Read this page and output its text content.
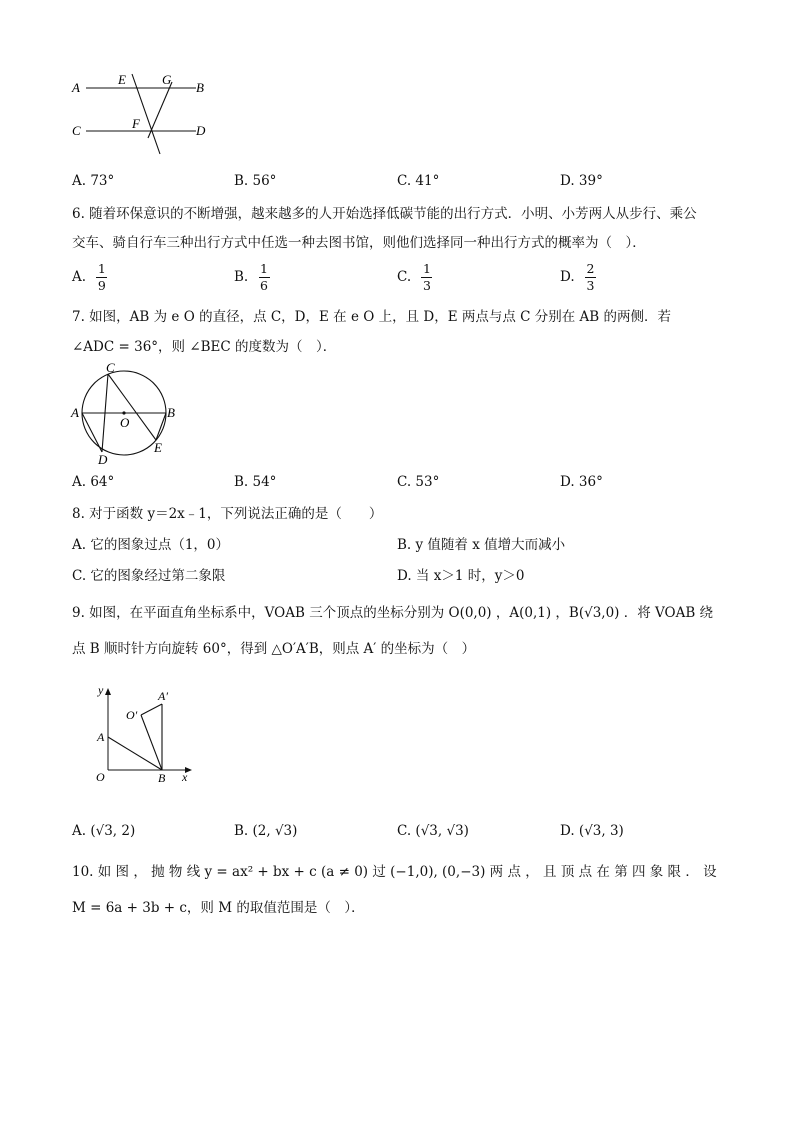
A
E	G
B
C	F	D
A. 73°	B. 56°	C. 41°	D. 39°
6. 随着环保意识的不断增强，越来越多的人开始选择低碳节能的出行方式．小明、小芳两人从步行、乘公
交车、骑自行车三种出行方式中任选一种去图书馆，则他们选择同一种出行方式的概率为（　）．
A. $\frac{1}{9}$	B. $\frac{1}{6}$	C. $\frac{1}{3}$	D. $\frac{2}{3}$
7. 如图，AB 为 e O 的直径，点 C，D，E 在 e O 上，且 D，E 两点与点 C 分别在 AB 的两侧．若
∠ADC = 36°，则 ∠BEC 的度数为（　）．
C
A
O
B
D
E
A. 64°	B. 54°	C. 53°	D. 36°
8. 对于函数 y＝2x﹣1，下列说法正确的是（　　）
A. 它的图象过点（1，0）	B. y 值随着 x 值增大而减小
C. 它的图象经过第二象限	D. 当 x＞1 时，y＞0
9. 如图，在平面直角坐标系中，VOAB 三个顶点的坐标分别为 O(0,0) ，A(0,1) ，B(√3,0) ．将 VOAB 绕
点 B 顺时针方向旋转 60°，得到 △O′A′B，则点 A′ 的坐标为（　）
y	A′
O′
A
O	B x
A. (√3, 2)	B. (2, √3)	C. (√3, √3)	D. (√3, 3)
10. 如 图 ， 抛 物 线 y = ax² + bx + c (a ≠ 0) 过 (−1,0), (0,−3) 两 点 ， 且 顶 点 在 第 四 象 限 ． 设
M = 6a + 3b + c，则 M 的取值范围是（　）．
